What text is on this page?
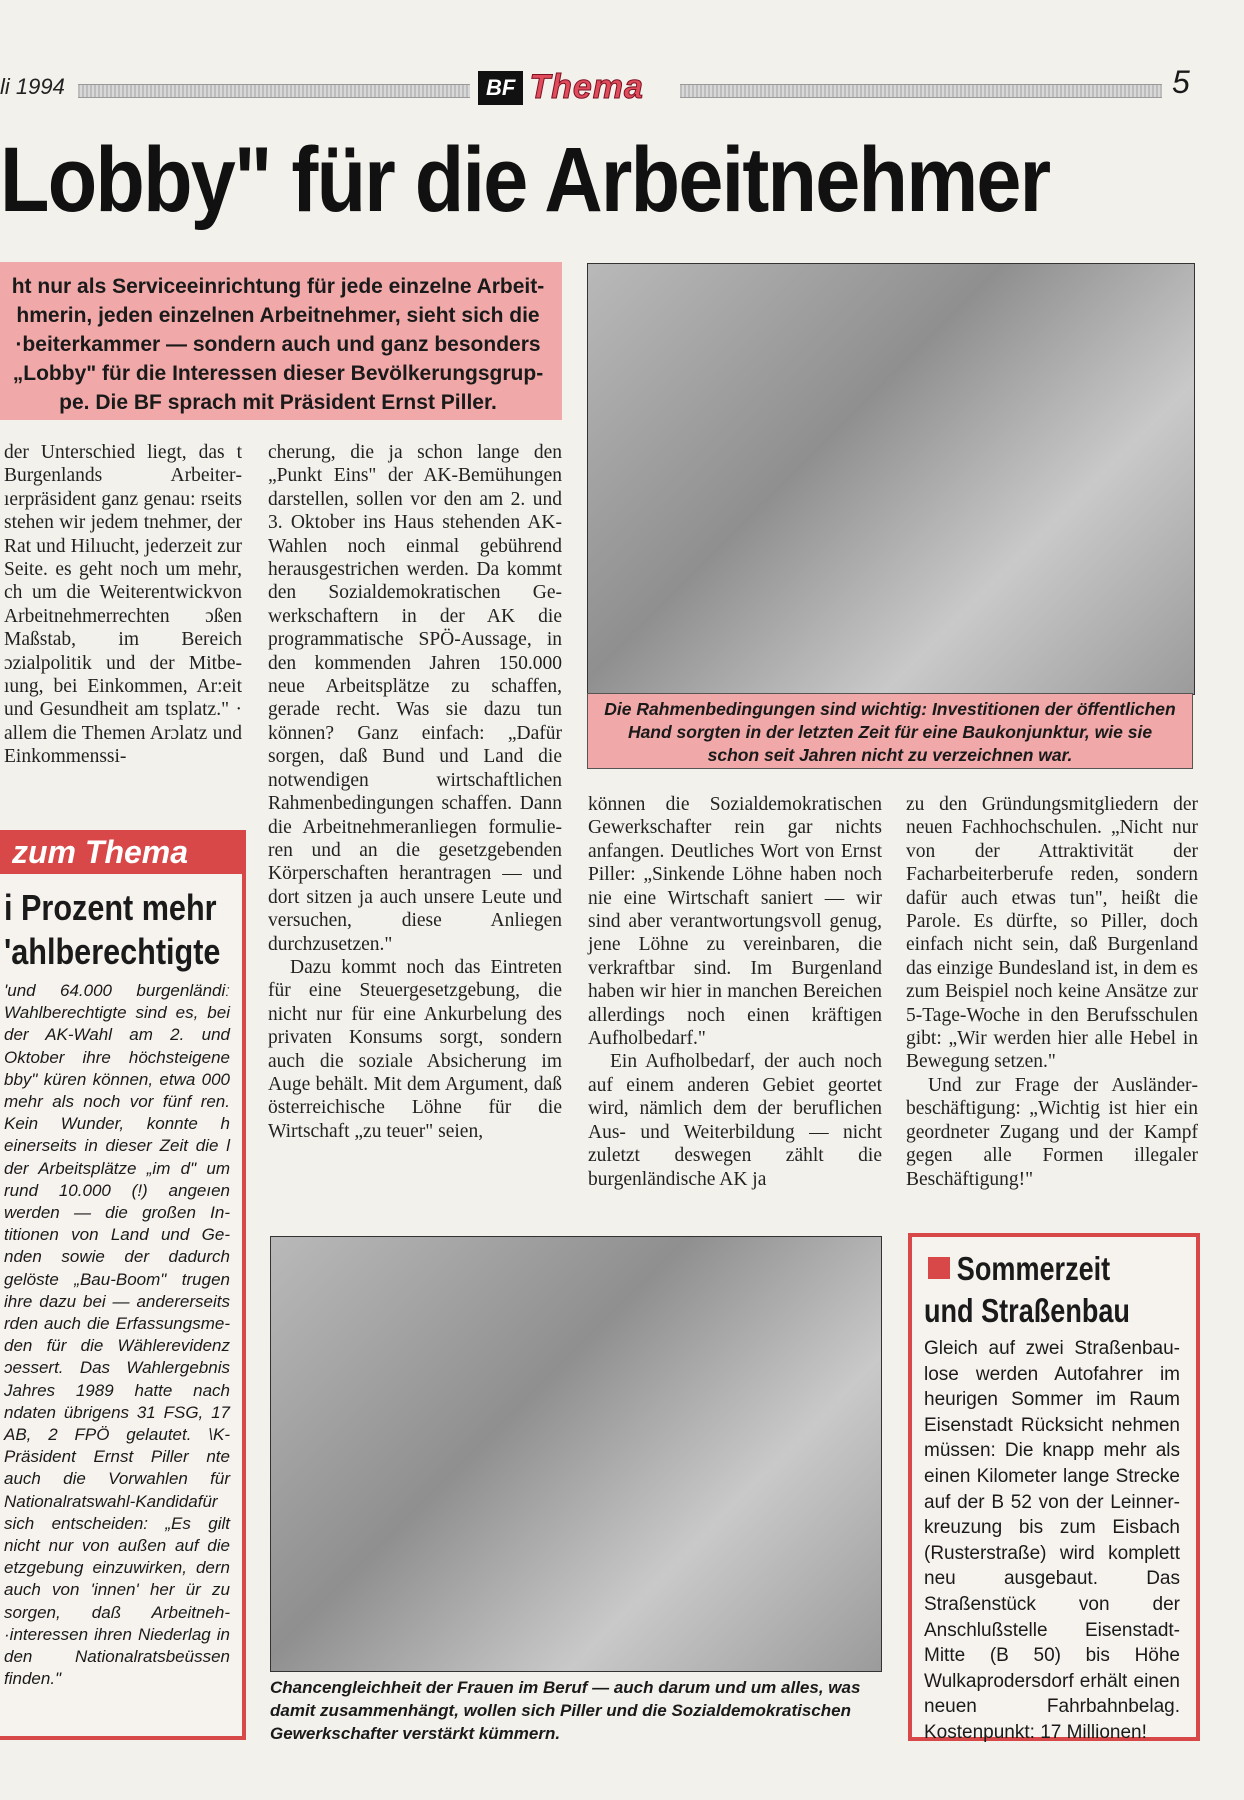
li 1994	BF Thema	5
Lobby" für die Arbeitnehmer
ht nur als Serviceeinrichtung für jede einzelne Arbeithmerin, jeden einzelnen Arbeitnehmer, sieht sich die ·beiterkammer — sondern auch und ganz besonders „Lobby" für die Interessen dieser Bevölkerungsgruppe. Die BF sprach mit Präsident Ernst Piller.

der Unterschied liegt, das t Burgenlands Arbeiterıerpräsident ganz genau: rseits stehen wir jedem tnehmer, der Rat und Hilıucht, jederzeit zur Seite. es geht noch um mehr, ch um die Weiterentwickvon Arbeitnehmerrechten ɔßen Maßstab, im Bereich ɔzialpolitik und der Mitbeıung, bei Einkommen, Ar:eit und Gesundheit am tsplatz." · allem die Themen Arɔlatz und Einkommenssi-

cherung, die ja schon lange den „Punkt Eins" der AK-Bemühungen darstellen, sollen vor den am 2. und 3. Oktober ins Haus stehenden AK-Wahlen noch einmal gebührend herausgestrichen werden. Da kommt den Sozialdemokratischen Gewerkschaftern in der AK die programmatische SPÖ-Aussage, in den kommenden Jahren 150.000 neue Arbeitsplätze zu schaffen, gerade recht. Was sie dazu tun können? Ganz einfach: „Dafür sorgen, daß Bund und Land die notwendigen wirtschaftlichen Rahmenbedingungen schaffen. Dann die Arbeitnehmeranliegen formulieren und an die gesetzgebenden Körperschaften herantragen — und dort sitzen ja auch unsere Leute und versuchen, diese Anliegen durchzusetzen."

Dazu kommt noch das Eintreten für eine Steuergesetzgebung, die nicht nur für eine Ankurbelung des privaten Konsums sorgt, sondern auch die soziale Absicherung im Auge behält. Mit dem Argument, daß österreichische Löhne für die Wirtschaft „zu teuer" seien,

Die Rahmenbedingungen sind wichtig: Investitionen der öffentlichen Hand sorgten in der letzten Zeit für eine Baukonjunktur, wie sie schon seit Jahren nicht zu verzeichnen war.

können die Sozialdemokratischen Gewerkschafter rein gar nichts anfangen. Deutliches Wort von Ernst Piller: „Sinkende Löhne haben noch nie eine Wirtschaft saniert — wir sind aber verantwortungsvoll genug, jene Löhne zu vereinbaren, die verkraftbar sind. Im Burgenland haben wir hier in manchen Bereichen allerdings noch einen kräftigen Aufholbedarf."

Ein Aufholbedarf, der auch noch auf einem anderen Gebiet geortet wird, nämlich dem der beruflichen Aus- und Weiterbildung — nicht zuletzt deswegen zählt die burgenländische AK ja

zu den Gründungsmitgliedern der neuen Fachhochschulen. „Nicht nur von der Attraktivität der Facharbeiterberufe reden, sondern dafür auch etwas tun", heißt die Parole. Es dürfte, so Piller, doch einfach nicht sein, daß Burgenland das einzige Bundesland ist, in dem es zum Beispiel noch keine Ansätze zur 5-Tage-Woche in den Berufsschulen gibt: „Wir werden hier alle Hebel in Bewegung setzen."

Und zur Frage der Ausländerbeschäftigung: „Wichtig ist hier ein geordneter Zugang und der Kampf gegen alle Formen illegaler Beschäftigung!"

Chancengleichheit der Frauen im Beruf — auch darum und um alles, was damit zusammenhängt, wollen sich Piller und die Sozialdemokratischen Gewerkschafter verstärkt kümmern.
zum Thema
i Prozent mehr
'ahlberechtigte

'und 64.000 burgenländiː Wahlberechtigte sind es, bei der AK-Wahl am 2. und Oktober ihre höchsteigene bby" küren können, etwa 000 mehr als noch vor fünf ren. Kein Wunder, konnte h einerseits in dieser Zeit die l der Arbeitsplätze „im d" um rund 10.000 (!) angeıen werden — die großen Intitionen von Land und Genden sowie der dadurch gelöste „Bau-Boom" trugen ihre dazu bei — andererseits rden auch die Erfassungsmeden für die Wählerevidenz ɔessert. Das Wahlergebnis Jahres 1989 hatte nach ndaten übrigens 31 FSG, 17 AB, 2 FPÖ gelautet. \K-Präsident Ernst Piller nte auch die Vorwahlen für Nationalratswahl-Kandidafür sich entscheiden: „Es gilt nicht nur von außen auf die etzgebung einzuwirken, dern auch von 'innen' her ür zu sorgen, daß Arbeitneh·interessen ihren Niederlag in den Nationalratsbeüssen finden."

Sommerzeit
und Straßenbau

Gleich auf zwei Straßenbaulose werden Autofahrer im heurigen Sommer im Raum Eisenstadt Rücksicht nehmen müssen: Die knapp mehr als einen Kilometer lange Strecke auf der B 52 von der Leinnerkreuzung bis zum Eisbach (Rusterstraße) wird komplett neu ausgebaut. Das Straßenstück von der Anschlußstelle Eisenstadt-Mitte (B 50) bis Höhe Wulkaprodersdorf erhält einen neuen Fahrbahnbelag. Kostenpunkt: 17 Millionen!
